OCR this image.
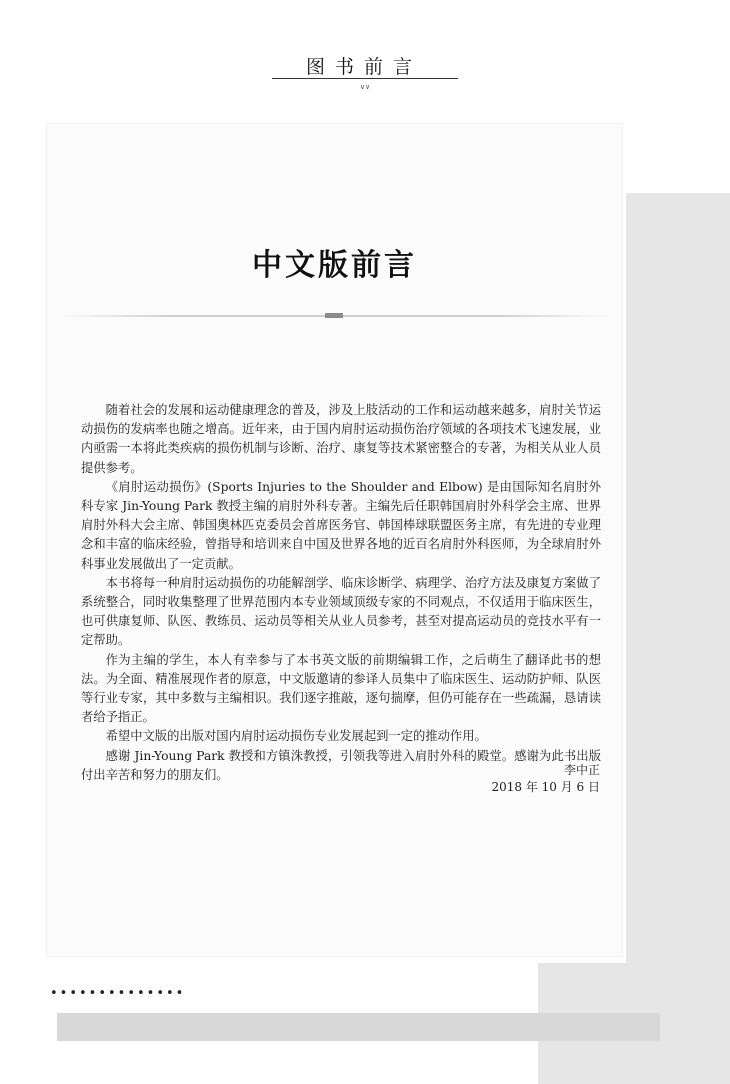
图书前言
∨∨
中文版前言

随着社会的发展和运动健康理念的普及，涉及上肢活动的工作和运动越来越多，肩肘关节运动损伤的发病率也随之增高。近年来，由于国内肩肘运动损伤治疗领域的各项技术飞速发展，业内亟需一本将此类疾病的损伤机制与诊断、治疗、康复等技术紧密整合的专著，为相关从业人员提供参考。

《肩肘运动损伤》(Sports Injuries to the Shoulder and Elbow) 是由国际知名肩肘外科专家 Jin-Young Park 教授主编的肩肘外科专著。主编先后任职韩国肩肘外科学会主席、世界肩肘外科大会主席、韩国奥林匹克委员会首席医务官、韩国棒球联盟医务主席，有先进的专业理念和丰富的临床经验，曾指导和培训来自中国及世界各地的近百名肩肘外科医师，为全球肩肘外科事业发展做出了一定贡献。

本书将每一种肩肘运动损伤的功能解剖学、临床诊断学、病理学、治疗方法及康复方案做了系统整合，同时收集整理了世界范围内本专业领域顶级专家的不同观点，不仅适用于临床医生，也可供康复师、队医、教练员、运动员等相关从业人员参考，甚至对提高运动员的竞技水平有一定帮助。

作为主编的学生，本人有幸参与了本书英文版的前期编辑工作，之后萌生了翻译此书的想法。为全面、精准展现作者的原意，中文版邀请的参译人员集中了临床医生、运动防护师、队医等行业专家，其中多数与主编相识。我们逐字推敲，逐句揣摩，但仍可能存在一些疏漏，恳请读者给予指正。

希望中文版的出版对国内肩肘运动损伤专业发展起到一定的推动作用。

感谢 Jin-Young Park 教授和方镇洙教授，引领我等进入肩肘外科的殿堂。感谢为此书出版付出辛苦和努力的朋友们。	李中正
2018 年 10 月 6 日
••••••••••••••
